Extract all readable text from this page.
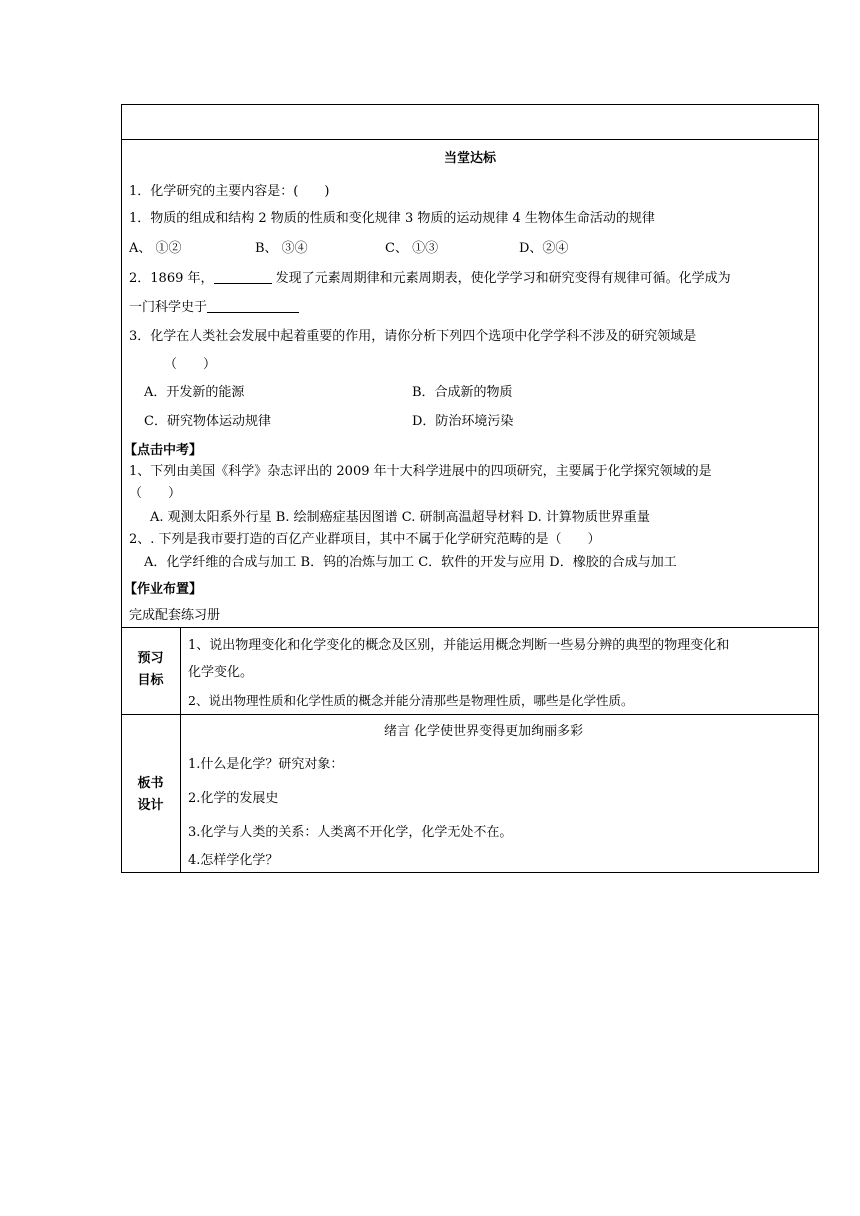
当堂达标
1．化学研究的主要内容是：(　　)
1．物质的组成和结构 2 物质的性质和变化规律 3 物质的运动规律 4 生物体生命活动的规律
A、 ①②	B、 ③④	C、 ①③	D、②④
2．1869 年，	发现了元素周期律和元素周期表，使化学学习和研究变得有规律可循。化学成为
一门科学史于
3．化学在人类社会发展中起着重要的作用，请你分析下列四个选项中化学学科不涉及的研究领域是
（　　）
A．开发新的能源	B．合成新的物质
C．研究物体运动规律	D．防治环境污染
【点击中考】
1、下列由美国《科学》杂志评出的 2009 年十大科学进展中的四项研究，主要属于化学探究领域的是
（　　）
A. 观测太阳系外行星 B. 绘制癌症基因图谱 C. 研制高温超导材料 D. 计算物质世界重量
2、. 下列是我市要打造的百亿产业群项目，其中不属于化学研究范畴的是（　　）
A．化学纤维的合成与加工 B．钨的冶炼与加工 C．软件的开发与应用 D．橡胶的合成与加工
【作业布置】
完成配套练习册
预习
目标
1、说出物理变化和化学变化的概念及区别，并能运用概念判断一些易分辨的典型的物理变化和
化学变化。
2、说出物理性质和化学性质的概念并能分清那些是物理性质，哪些是化学性质。
板书
设计
绪言 化学使世界变得更加绚丽多彩
1.什么是化学？研究对象：
2.化学的发展史
3.化学与人类的关系：人类离不开化学，化学无处不在。
4.怎样学化学？
